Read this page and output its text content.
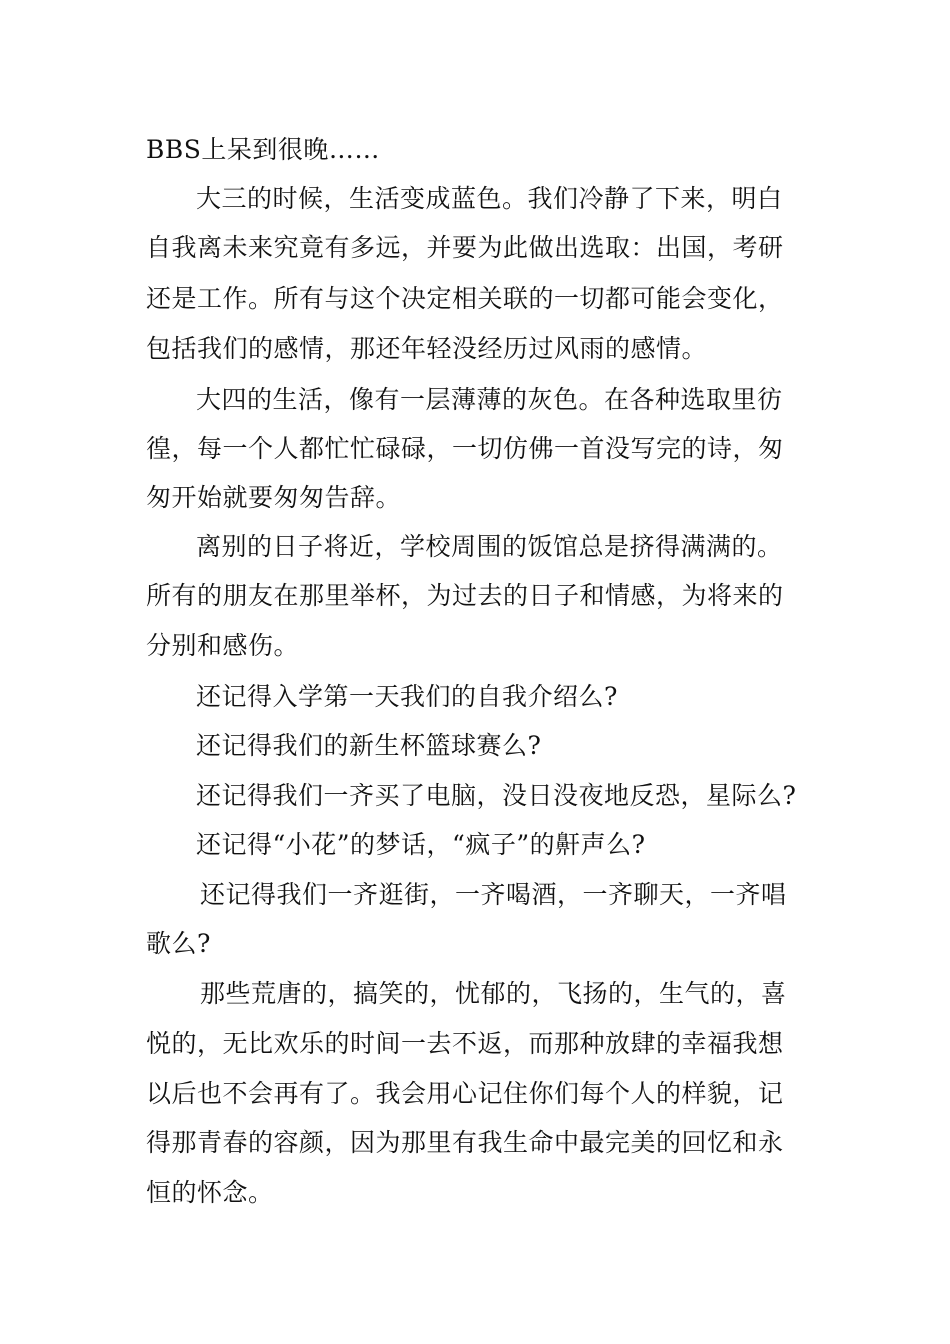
BBS上呆到很晚……
大三的时候，生活变成蓝色。我们冷静了下来，明白
自我离未来究竟有多远，并要为此做出选取：出国，考研
还是工作。所有与这个决定相关联的一切都可能会变化，
包括我们的感情，那还年轻没经历过风雨的感情。
大四的生活，像有一层薄薄的灰色。在各种选取里彷
徨，每一个人都忙忙碌碌，一切仿佛一首没写完的诗，匆
匆开始就要匆匆告辞。
离别的日子将近，学校周围的饭馆总是挤得满满的。
所有的朋友在那里举杯，为过去的日子和情感，为将来的
分别和感伤。
还记得入学第一天我们的自我介绍么?
还记得我们的新生杯篮球赛么?
还记得我们一齐买了电脑，没日没夜地反恐，星际么?
还记得“小花”的梦话，“疯子”的鼾声么?
还记得我们一齐逛街，一齐喝酒，一齐聊天，一齐唱
歌么?
那些荒唐的，搞笑的，忧郁的，飞扬的，生气的，喜
悦的，无比欢乐的时间一去不返，而那种放肆的幸福我想
以后也不会再有了。我会用心记住你们每个人的样貌，记
得那青春的容颜，因为那里有我生命中最完美的回忆和永
恒的怀念。
